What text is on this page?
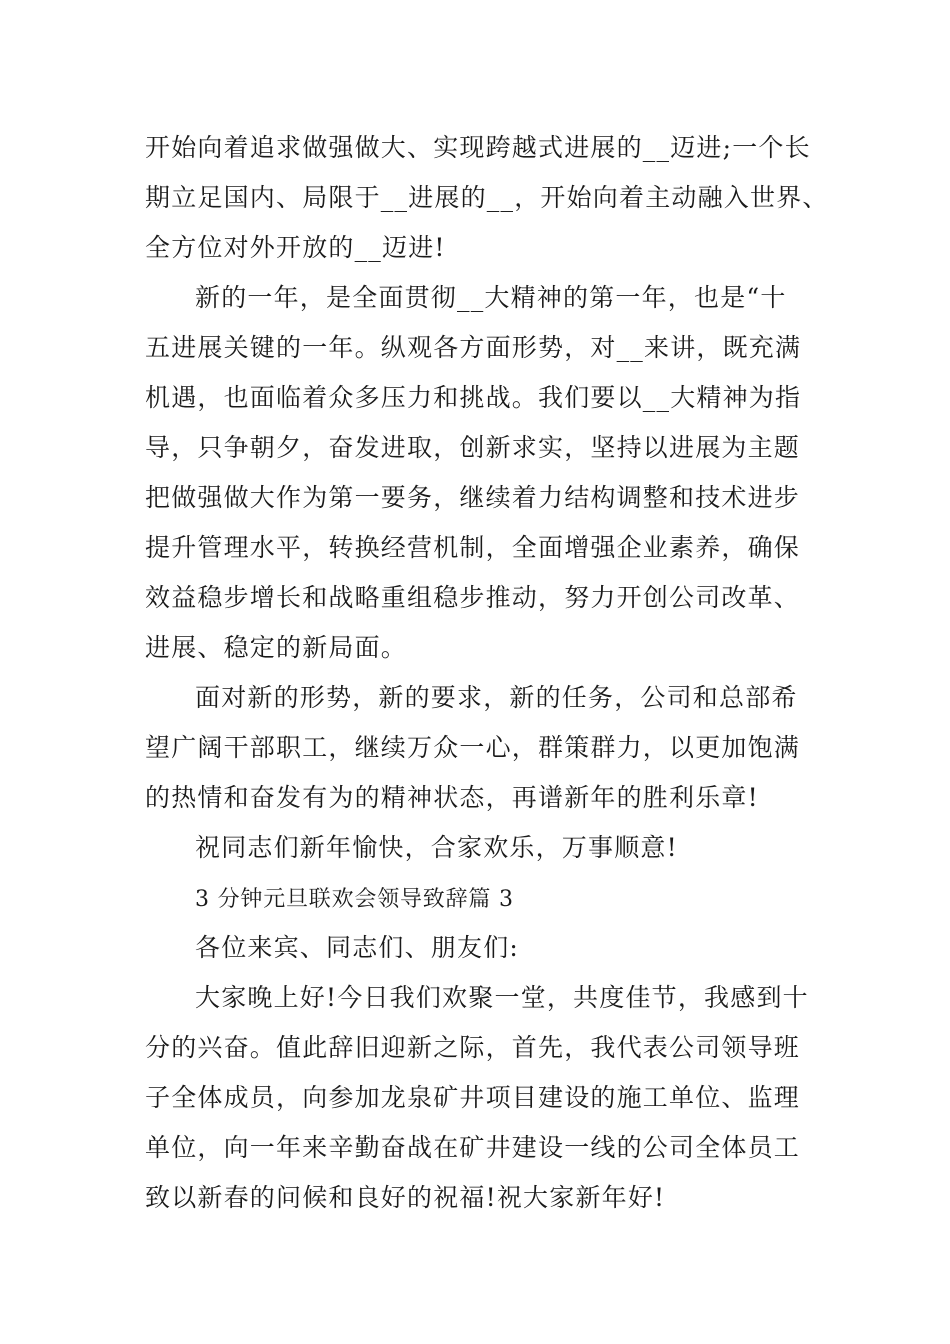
开始向着追求做强做大、实现跨越式进展的__迈进;一个长
期立足国内、局限于__进展的__，开始向着主动融入世界、
全方位对外开放的__迈进!
新的一年，是全面贯彻__大精神的第一年，也是“十
五进展关键的一年。纵观各方面形势，对__来讲，既充满
机遇，也面临着众多压力和挑战。我们要以__大精神为指
导，只争朝夕，奋发进取，创新求实，坚持以进展为主题
把做强做大作为第一要务，继续着力结构调整和技术进步
提升管理水平，转换经营机制，全面增强企业素养，确保
效益稳步增长和战略重组稳步推动，努力开创公司改革、
进展、稳定的新局面。
面对新的形势，新的要求，新的任务，公司和总部希
望广阔干部职工，继续万众一心，群策群力，以更加饱满
的热情和奋发有为的精神状态，再谱新年的胜利乐章!
祝同志们新年愉快，合家欢乐，万事顺意!
3 分钟元旦联欢会领导致辞篇 3
各位来宾、同志们、朋友们:
大家晚上好!今日我们欢聚一堂，共度佳节，我感到十
分的兴奋。值此辞旧迎新之际，首先，我代表公司领导班
子全体成员，向参加龙泉矿井项目建设的施工单位、监理
单位，向一年来辛勤奋战在矿井建设一线的公司全体员工
致以新春的问候和良好的祝福!祝大家新年好!
